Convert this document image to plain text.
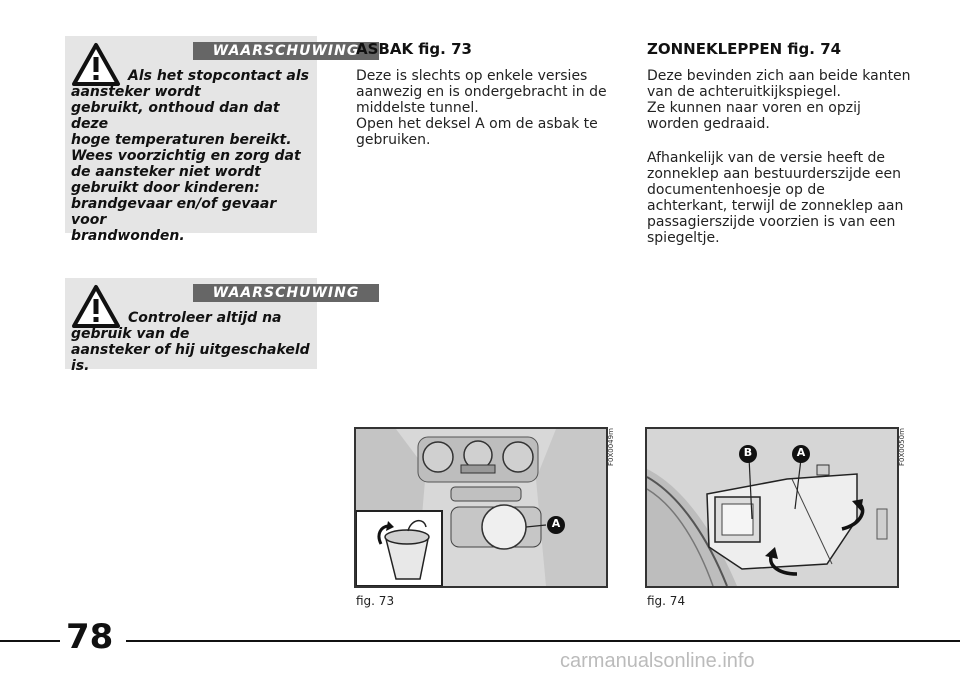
WAARSCHUWING
Als het stopcontact als
aansteker wordt
gebruikt, onthoud dan dat deze
hoge temperaturen bereikt.
Wees voorzichtig en zorg dat
de aansteker niet wordt
gebruikt door kinderen:
brandgevaar en/of gevaar voor
brandwonden.
WAARSCHUWING
Controleer altijd na
gebruik van de
aansteker of hij uitgeschakeld is.
ASBAK fig. 73
Deze is slechts op enkele versies
aanwezig en is ondergebracht in de
middelste tunnel.
Open het deksel A om de asbak te
gebruiken.
ZONNEKLEPPEN fig. 74
Deze bevinden zich aan beide kanten
van de achteruitkijkspiegel.
Ze kunnen naar voren en opzij
worden gedraaid.
Afhankelijk van de versie heeft de
zonneklep aan bestuurderszijde een
documentenhoesje op de
achterkant, terwijl de zonneklep aan
passagierszijde voorzien is van een
spiegeltje.
A
F0X0049m
fig. 73
B	A	F0X0050m
fig. 74
78
carmanualsonline.info
